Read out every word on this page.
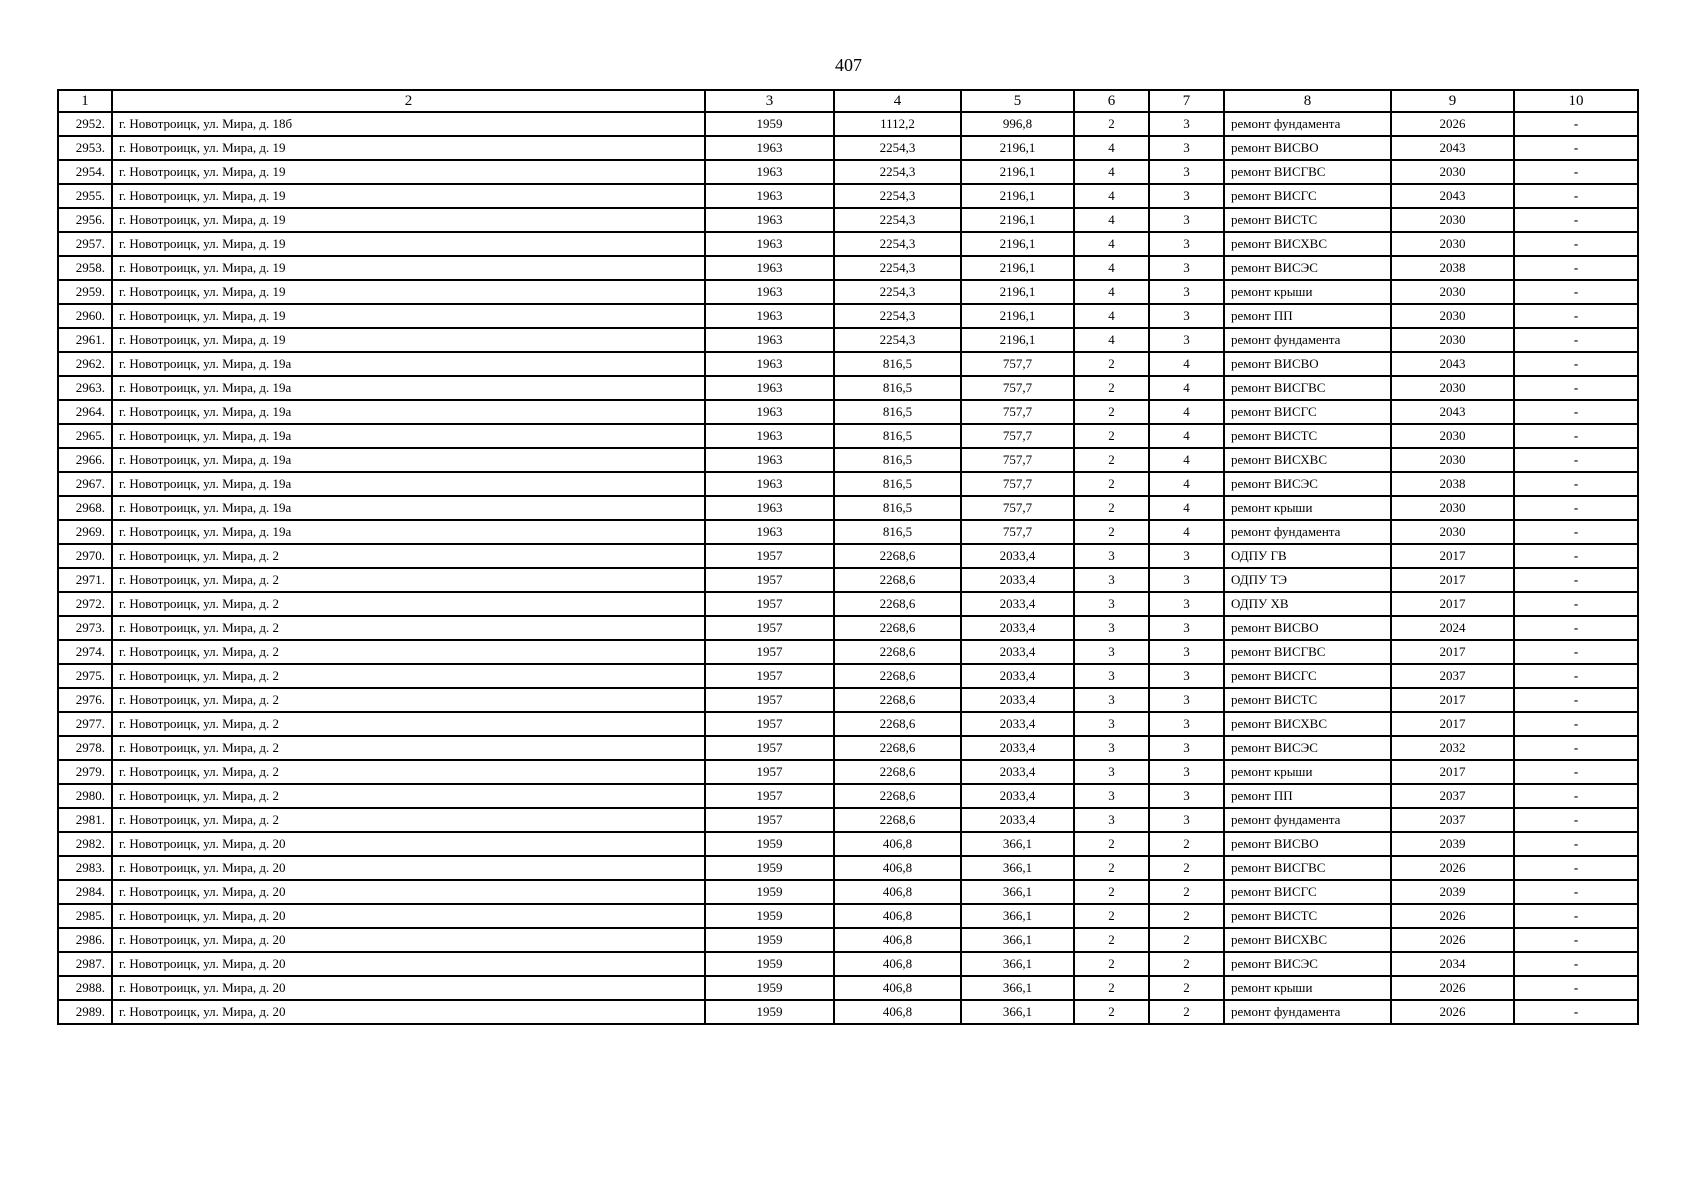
407
1	2	3	4	5	6	7	8	9	10
2952.	г. Новотроицк, ул. Мира, д. 18б	1959	1112,2	996,8	2	3	ремонт фундамента	2026	-
2953.	г. Новотроицк, ул. Мира, д. 19	1963	2254,3	2196,1	4	3	ремонт ВИСВО	2043	-
2954.	г. Новотроицк, ул. Мира, д. 19	1963	2254,3	2196,1	4	3	ремонт ВИСГВС	2030	-
2955.	г. Новотроицк, ул. Мира, д. 19	1963	2254,3	2196,1	4	3	ремонт ВИСГС	2043	-
2956.	г. Новотроицк, ул. Мира, д. 19	1963	2254,3	2196,1	4	3	ремонт ВИСТС	2030	-
2957.	г. Новотроицк, ул. Мира, д. 19	1963	2254,3	2196,1	4	3	ремонт ВИСХВС	2030	-
2958.	г. Новотроицк, ул. Мира, д. 19	1963	2254,3	2196,1	4	3	ремонт ВИСЭС	2038	-
2959.	г. Новотроицк, ул. Мира, д. 19	1963	2254,3	2196,1	4	3	ремонт крыши	2030	-
2960.	г. Новотроицк, ул. Мира, д. 19	1963	2254,3	2196,1	4	3	ремонт ПП	2030	-
2961.	г. Новотроицк, ул. Мира, д. 19	1963	2254,3	2196,1	4	3	ремонт фундамента	2030	-
2962.	г. Новотроицк, ул. Мира, д. 19а	1963	816,5	757,7	2	4	ремонт ВИСВО	2043	-
2963.	г. Новотроицк, ул. Мира, д. 19а	1963	816,5	757,7	2	4	ремонт ВИСГВС	2030	-
2964.	г. Новотроицк, ул. Мира, д. 19а	1963	816,5	757,7	2	4	ремонт ВИСГС	2043	-
2965.	г. Новотроицк, ул. Мира, д. 19а	1963	816,5	757,7	2	4	ремонт ВИСТС	2030	-
2966.	г. Новотроицк, ул. Мира, д. 19а	1963	816,5	757,7	2	4	ремонт ВИСХВС	2030	-
2967.	г. Новотроицк, ул. Мира, д. 19а	1963	816,5	757,7	2	4	ремонт ВИСЭС	2038	-
2968.	г. Новотроицк, ул. Мира, д. 19а	1963	816,5	757,7	2	4	ремонт крыши	2030	-
2969.	г. Новотроицк, ул. Мира, д. 19а	1963	816,5	757,7	2	4	ремонт фундамента	2030	-
2970.	г. Новотроицк, ул. Мира, д. 2	1957	2268,6	2033,4	3	3	ОДПУ ГВ	2017	-
2971.	г. Новотроицк, ул. Мира, д. 2	1957	2268,6	2033,4	3	3	ОДПУ ТЭ	2017	-
2972.	г. Новотроицк, ул. Мира, д. 2	1957	2268,6	2033,4	3	3	ОДПУ ХВ	2017	-
2973.	г. Новотроицк, ул. Мира, д. 2	1957	2268,6	2033,4	3	3	ремонт ВИСВО	2024	-
2974.	г. Новотроицк, ул. Мира, д. 2	1957	2268,6	2033,4	3	3	ремонт ВИСГВС	2017	-
2975.	г. Новотроицк, ул. Мира, д. 2	1957	2268,6	2033,4	3	3	ремонт ВИСГС	2037	-
2976.	г. Новотроицк, ул. Мира, д. 2	1957	2268,6	2033,4	3	3	ремонт ВИСТС	2017	-
2977.	г. Новотроицк, ул. Мира, д. 2	1957	2268,6	2033,4	3	3	ремонт ВИСХВС	2017	-
2978.	г. Новотроицк, ул. Мира, д. 2	1957	2268,6	2033,4	3	3	ремонт ВИСЭС	2032	-
2979.	г. Новотроицк, ул. Мира, д. 2	1957	2268,6	2033,4	3	3	ремонт крыши	2017	-
2980.	г. Новотроицк, ул. Мира, д. 2	1957	2268,6	2033,4	3	3	ремонт ПП	2037	-
2981.	г. Новотроицк, ул. Мира, д. 2	1957	2268,6	2033,4	3	3	ремонт фундамента	2037	-
2982.	г. Новотроицк, ул. Мира, д. 20	1959	406,8	366,1	2	2	ремонт ВИСВО	2039	-
2983.	г. Новотроицк, ул. Мира, д. 20	1959	406,8	366,1	2	2	ремонт ВИСГВС	2026	-
2984.	г. Новотроицк, ул. Мира, д. 20	1959	406,8	366,1	2	2	ремонт ВИСГС	2039	-
2985.	г. Новотроицк, ул. Мира, д. 20	1959	406,8	366,1	2	2	ремонт ВИСТС	2026	-
2986.	г. Новотроицк, ул. Мира, д. 20	1959	406,8	366,1	2	2	ремонт ВИСХВС	2026	-
2987.	г. Новотроицк, ул. Мира, д. 20	1959	406,8	366,1	2	2	ремонт ВИСЭС	2034	-
2988.	г. Новотроицк, ул. Мира, д. 20	1959	406,8	366,1	2	2	ремонт крыши	2026	-
2989.	г. Новотроицк, ул. Мира, д. 20	1959	406,8	366,1	2	2	ремонт фундамента	2026	-
